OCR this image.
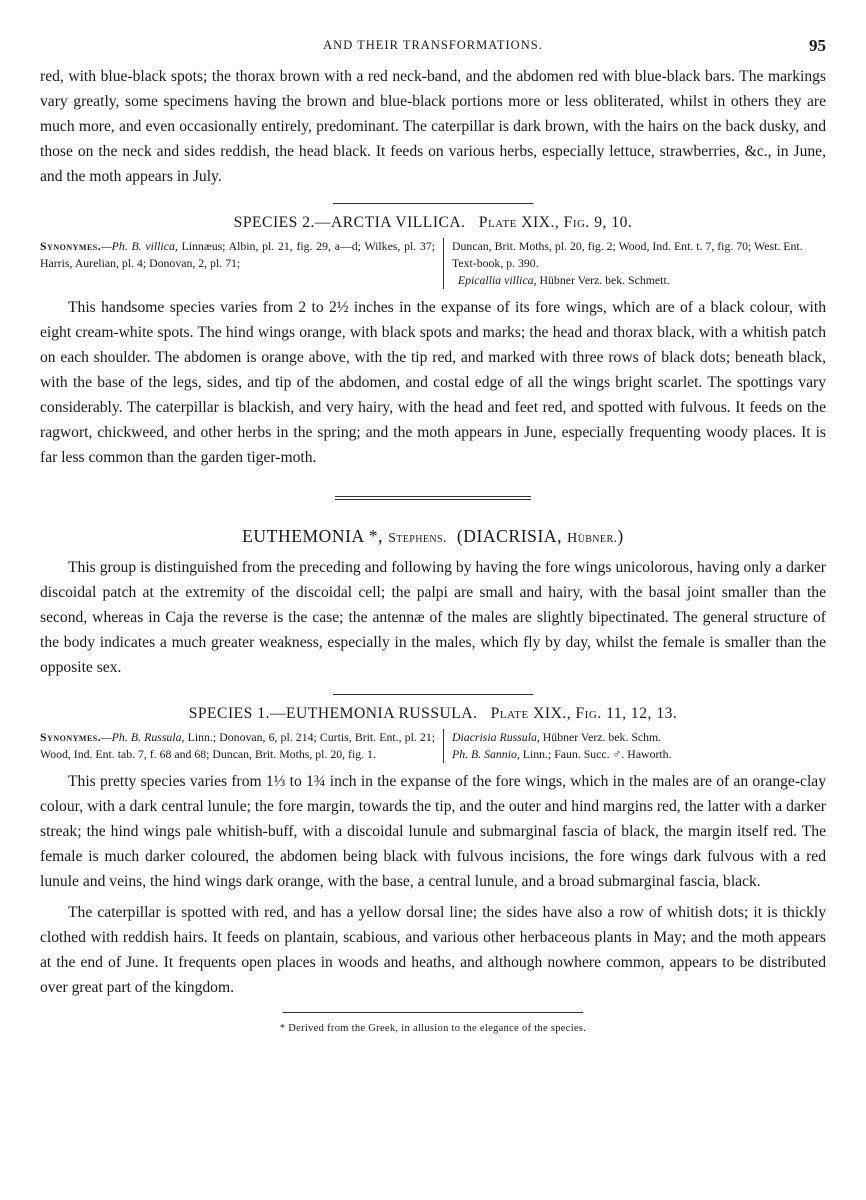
AND THEIR TRANSFORMATIONS.	95

red, with blue-black spots; the thorax brown with a red neck-band, and the abdomen red with blue-black bars. The markings vary greatly, some specimens having the brown and blue-black portions more or less obliterated, whilst in others they are much more, and even occasionally entirely, predominant. The caterpillar is dark brown, with the hairs on the back dusky, and those on the neck and sides reddish, the head black. It feeds on various herbs, especially lettuce, strawberries, &c., in June, and the moth appears in July.

SPECIES 2.—ARCTIA VILLICA. Plate XIX., Fig. 9, 10.
Synonymes.—Ph. B. villica, Linnæus; Albin, pl. 21, fig. 29, a—d; Wilkes, pl. 37; Harris, Aurelian, pl. 4; Donovan, 2, pl. 71;
Duncan, Brit. Moths, pl. 20, fig. 2; Wood, Ind. Ent. t. 7, fig. 70; West. Ent. Text-book, p. 390.
Epicallia villica, Hübner Verz. bek. Schmett.

This handsome species varies from 2 to 2½ inches in the expanse of its fore wings, which are of a black colour, with eight cream-white spots. The hind wings orange, with black spots and marks; the head and thorax black, with a whitish patch on each shoulder. The abdomen is orange above, with the tip red, and marked with three rows of black dots; beneath black, with the base of the legs, sides, and tip of the abdomen, and costal edge of all the wings bright scarlet. The spottings vary considerably. The caterpillar is blackish, and very hairy, with the head and feet red, and spotted with fulvous. It feeds on the ragwort, chickweed, and other herbs in the spring; and the moth appears in June, especially frequenting woody places. It is far less common than the garden tiger-moth.

EUTHEMONIA *, Stephens. (DIACRISIA, Hübner.)

This group is distinguished from the preceding and following by having the fore wings unicolorous, having only a darker discoidal patch at the extremity of the discoidal cell; the palpi are small and hairy, with the basal joint smaller than the second, whereas in Caja the reverse is the case; the antennæ of the males are slightly bipectinated. The general structure of the body indicates a much greater weakness, especially in the males, which fly by day, whilst the female is smaller than the opposite sex.

SPECIES 1.—EUTHEMONIA RUSSULA. Plate XIX., Fig. 11, 12, 13.
Synonymes.—Ph. B. Russula, Linn.; Donovan, 6, pl. 214; Curtis, Brit. Ent., pl. 21; Wood, Ind. Ent. tab. 7, f. 68 and 68; Duncan, Brit. Moths, pl. 20, fig. 1.
Diacrisia Russula, Hübner Verz. bek. Schm.
Ph. B. Sannio, Linn.; Faun. Succ. ♂. Haworth.

This pretty species varies from 1⅓ to 1¾ inch in the expanse of the fore wings, which in the males are of an orange-clay colour, with a dark central lunule; the fore margin, towards the tip, and the outer and hind margins red, the latter with a darker streak; the hind wings pale whitish-buff, with a discoidal lunule and submarginal fascia of black, the margin itself red. The female is much darker coloured, the abdomen being black with fulvous incisions, the fore wings dark fulvous with a red lunule and veins, the hind wings dark orange, with the base, a central lunule, and a broad submarginal fascia, black.

The caterpillar is spotted with red, and has a yellow dorsal line; the sides have also a row of whitish dots; it is thickly clothed with reddish hairs. It feeds on plantain, scabious, and various other herbaceous plants in May; and the moth appears at the end of June. It frequents open places in woods and heaths, and although nowhere common, appears to be distributed over great part of the kingdom.

* Derived from the Greek, in allusion to the elegance of the species.
